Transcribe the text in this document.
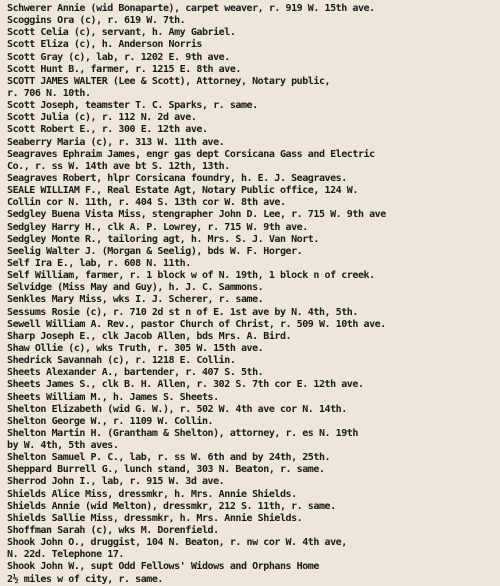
Schwerer Annie (wid Bonaparte), carpet weaver, r. 919 W. 15th ave.
Scoggins Ora (c), r. 619 W. 7th.
Scott Celia (c), servant, h. Amy Gabriel.
Scott Eliza (c), h. Anderson Norris
Scott Gray (c), lab, r. 1202 E. 9th ave.
Scott Hunt B., farmer, r. 1215 E. 8th ave.
SCOTT JAMES WALTER (Lee & Scott), Attorney, Notary public,
r. 706 N. 10th.
Scott Joseph, teamster T. C. Sparks, r. same.
Scott Julia (c), r. 112 N. 2d ave.
Scott Robert E., r. 300 E. 12th ave.
Seaberry Maria (c), r. 313 W. 11th ave.
Seagraves Ephraim James, engr gas dept Corsicana Gass and Electric
Co., r. ss W. 14th ave bt S. 12th, 13th.
Seagraves Robert, hlpr Corsicana foundry, h. E. J. Seagraves.
SEALE WILLIAM F., Real Estate Agt, Notary Public office, 124 W.
Collin cor N. 11th, r. 404 S. 13th cor W. 8th ave.
Sedgley Buena Vista Miss, stengrapher John D. Lee, r. 715 W. 9th ave
Sedgley Harry H., clk A. P. Lowrey, r. 715 W. 9th ave.
Sedgley Monte R., tailoring agt, h. Mrs. S. J. Van Nort.
Seelig Walter J. (Morgan & Seelig), bds W. F. Horger.
Self Ira E., lab, r. 608 N. 11th.
Self William, farmer, r. 1 block w of N. 19th, 1 block n of creek.
Selvidge (Miss May and Guy), h. J. C. Sammons.
Senkles Mary Miss, wks I. J. Scherer, r. same.
Sessums Rosie (c), r. 710 2d st n of E. 1st ave by N. 4th, 5th.
Sewell William A. Rev., pastor Church of Christ, r. 509 W. 10th ave.
Sharp Joseph E., clk Jacob Allen, bds Mrs. A. Bird.
Shaw Ollie (c), wks Truth, r. 305 W. 15th ave.
Shedrick Savannah (c), r. 1218 E. Collin.
Sheets Alexander A., bartender, r. 407 S. 5th.
Sheets James S., clk B. H. Allen, r. 302 S. 7th cor E. 12th ave.
Sheets William M., h. James S. Sheets.
Shelton Elizabeth (wid G. W.), r. 502 W. 4th ave cor N. 14th.
Shelton George W., r. 1109 W. Collin.
Shelton Martin H. (Grantham & Shelton), attorney, r. es N. 19th
by W. 4th, 5th aves.
Shelton Samuel P. C., lab, r. ss W. 6th and by 24th, 25th.
Sheppard Burrell G., lunch stand, 303 N. Beaton, r. same.
Sherrod John I., lab, r. 915 W. 3d ave.
Shields Alice Miss, dressmkr, h. Mrs. Annie Shields.
Shields Annie (wid Melton), dressmkr, 212 S. 11th, r. same.
Shields Sallie Miss, dressmkr, h. Mrs. Annie Shields.
Shoffman Sarah (c), wks M. Dorenfield.
Shook John O., druggist, 104 N. Beaton, r. nw cor W. 4th ave,
N. 22d. Telephone 17.
Shook John W., supt Odd Fellows' Widows and Orphans Home
2½ miles w of city, r. same.
